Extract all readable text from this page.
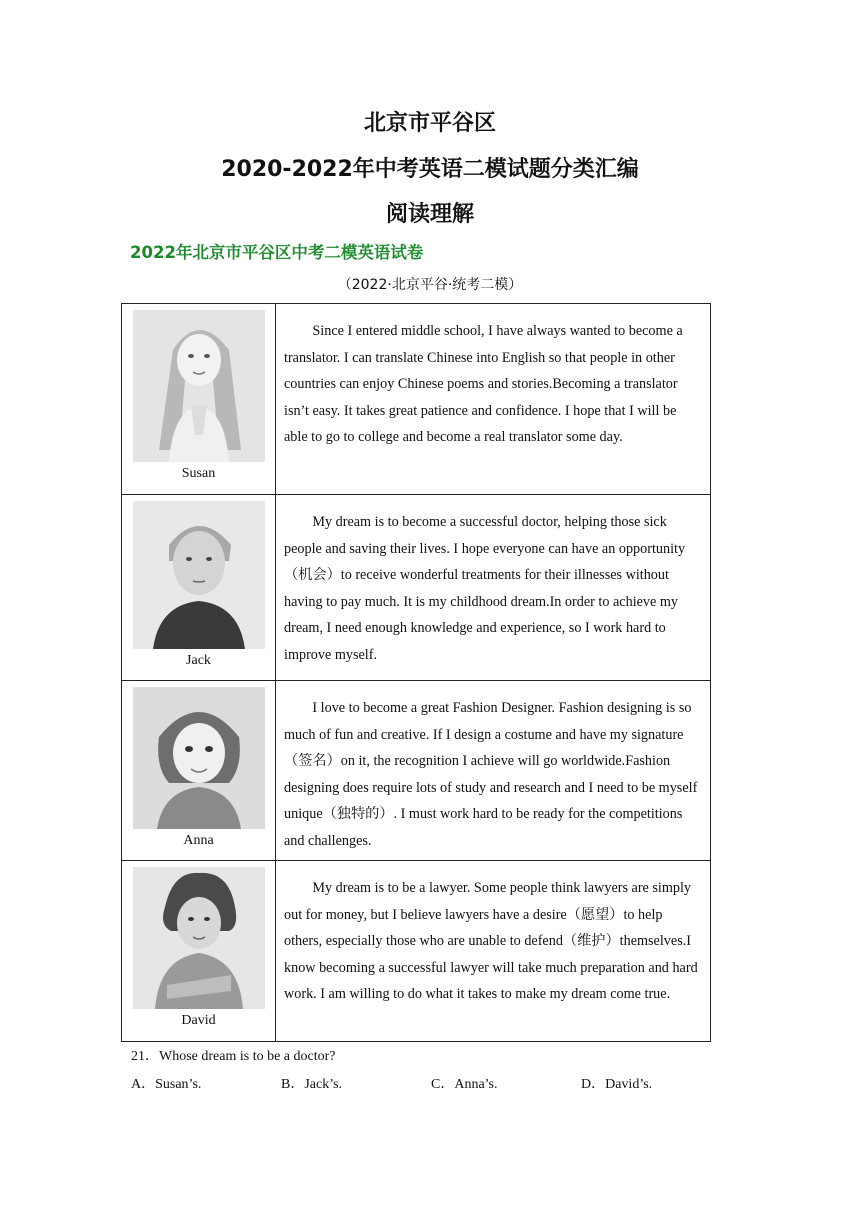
北京市平谷区
2020-2022年中考英语二模试题分类汇编
阅读理解
2022年北京市平谷区中考二模英语试卷
（2022·北京平谷·统考二模）
Susan	Since I entered middle school, I have always wanted to become a translator. I can translate Chinese into English so that people in other countries can enjoy Chinese poems and stories.Becoming a translator isn’t easy. It takes great patience and confidence. I hope that I will be able to go to college and become a real translator some day.

Jack	My dream is to become a successful doctor, helping those sick people and saving their lives. I hope everyone can have an opportunity（机会）to receive wonderful treatments for their illnesses without having to pay much. It is my childhood dream.In order to achieve my dream, I need enough knowledge and experience, so I work hard to improve myself.

Anna	I love to become a great Fashion Designer. Fashion designing is so much of fun and creative. If I design a costume and have my signature（签名）on it, the recognition I achieve will go worldwide.Fashion designing does require lots of study and research and I need to be myself unique（独特的）. I must work hard to be ready for the competitions and challenges.

David	My dream is to be a lawyer. Some people think lawyers are simply out for money, but I believe lawyers have a desire（愿望）to help others, especially those who are unable to defend（维护）themselves.I know becoming a successful lawyer will take much preparation and hard work. I am willing to do what it takes to make my dream come true.

21．Whose dream is to be a doctor?
A．Susan’s.	B．Jack’s.	C．Anna’s.	D．David’s.
